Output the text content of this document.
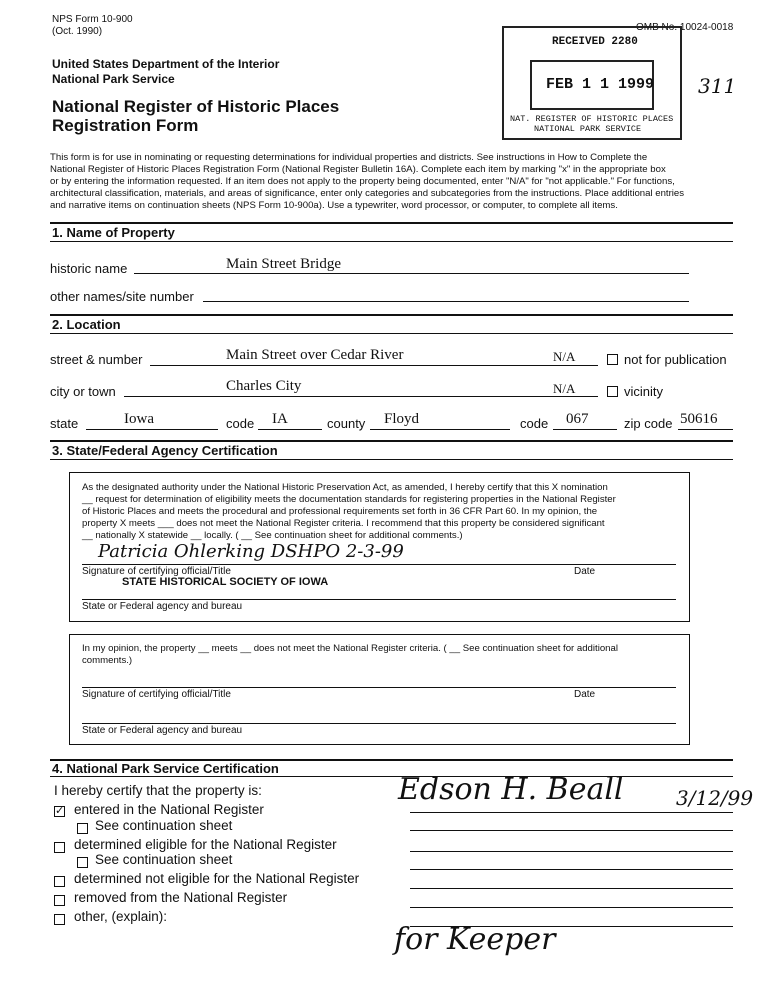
NPS Form 10-900
(Oct. 1990)	OMB No. 10024-0018
United States Department of the Interior
National Park Service
National Register of Historic Places
Registration Form
RECEIVED 2280
FEB 1 1 1999
NAT. REGISTER OF HISTORIC PLACES
NATIONAL PARK SERVICE
311
This form is for use in nominating or requesting determinations for individual properties and districts. See instructions in How to Complete the
National Register of Historic Places Registration Form (National Register Bulletin 16A). Complete each item by marking "x" in the appropriate box
or by entering the information requested. If an item does not apply to the property being documented, enter "N/A" for "not applicable." For functions,
architectural classification, materials, and areas of significance, enter only categories and subcategories from the instructions. Place additional entries
and narrative items on continuation sheets (NPS Form 10-900a). Use a typewriter, word processor, or computer, to complete all items.
1. Name of Property
historic name	Main Street Bridge
other names/site number
2. Location
street & number	Main Street over Cedar River	N/A	not for publication
city or town	Charles City	N/A	vicinity
state	Iowa	code IA	county Floyd	code 067	zip code 50616
3. State/Federal Agency Certification
As the designated authority under the National Historic Preservation Act, as amended, I hereby certify that this X nomination
__ request for determination of eligibility meets the documentation standards for registering properties in the National Register
of Historic Places and meets the procedural and professional requirements set forth in 36 CFR Part 60. In my opinion, the
property X meets ___ does not meet the National Register criteria. I recommend that this property be considered significant
__ nationally X statewide __ locally. ( __ See continuation sheet for additional comments.)
Patricia Ohlerking DSHPO 2-3-99
Signature of certifying official/Title	Date
STATE HISTORICAL SOCIETY OF IOWA
State or Federal agency and bureau
In my opinion, the property __ meets __ does not meet the National Register criteria. ( __ See continuation sheet for additional
comments.)
Signature of certifying official/Title	Date
State or Federal agency and bureau
4. National Park Service Certification
I hereby certify that the property is:
✓ entered in the National Register
See continuation sheet
determined eligible for the National Register
See continuation sheet
determined not eligible for the National Register
removed from the National Register
other, (explain):
Edson H. Beall	3/12/99
for Keeper
